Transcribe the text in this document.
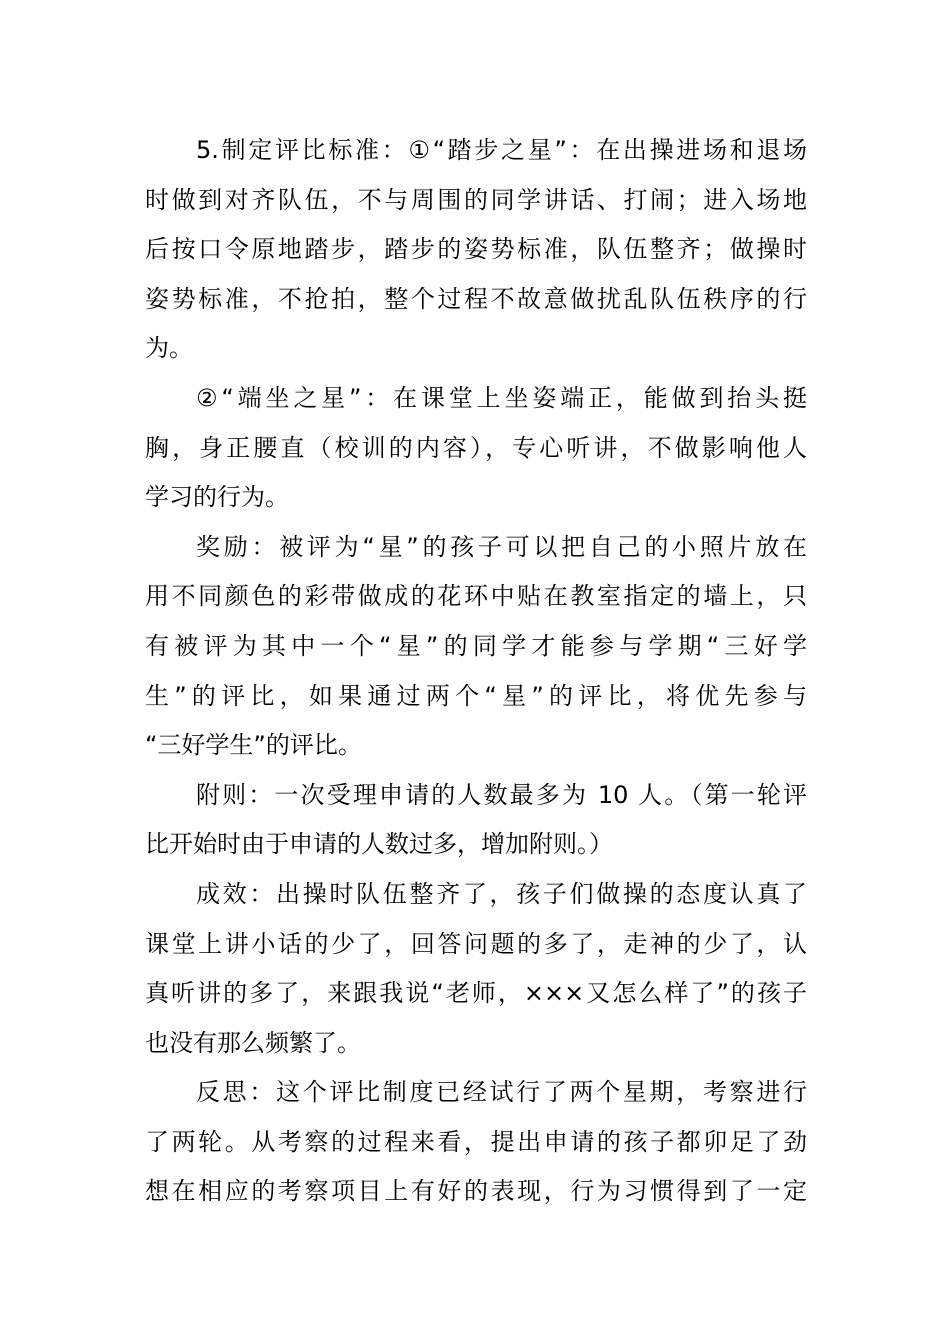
5.制定评比标准：①“踏步之星”：在出操进场和退场
时做到对齐队伍，不与周围的同学讲话、打闹；进入场地
后按口令原地踏步，踏步的姿势标准，队伍整齐；做操时
姿势标准，不抢拍，整个过程不故意做扰乱队伍秩序的行
为。
②“端坐之星”：在课堂上坐姿端正，能做到抬头挺
胸，身正腰直（校训的内容），专心听讲，不做影响他人
学习的行为。
奖励：被评为“星”的孩子可以把自己的小照片放在
用不同颜色的彩带做成的花环中贴在教室指定的墙上，只
有被评为其中一个“星”的同学才能参与学期“三好学
生”的评比，如果通过两个“星”的评比，将优先参与
“三好学生”的评比。
附则：一次受理申请的人数最多为 10 人。（第一轮评
比开始时由于申请的人数过多，增加附则。）
成效：出操时队伍整齐了，孩子们做操的态度认真了
课堂上讲小话的少了，回答问题的多了，走神的少了，认
真听讲的多了，来跟我说“老师，×××又怎么样了”的孩子
也没有那么频繁了。
反思：这个评比制度已经试行了两个星期，考察进行
了两轮。从考察的过程来看，提出申请的孩子都卯足了劲
想在相应的考察项目上有好的表现，行为习惯得到了一定
